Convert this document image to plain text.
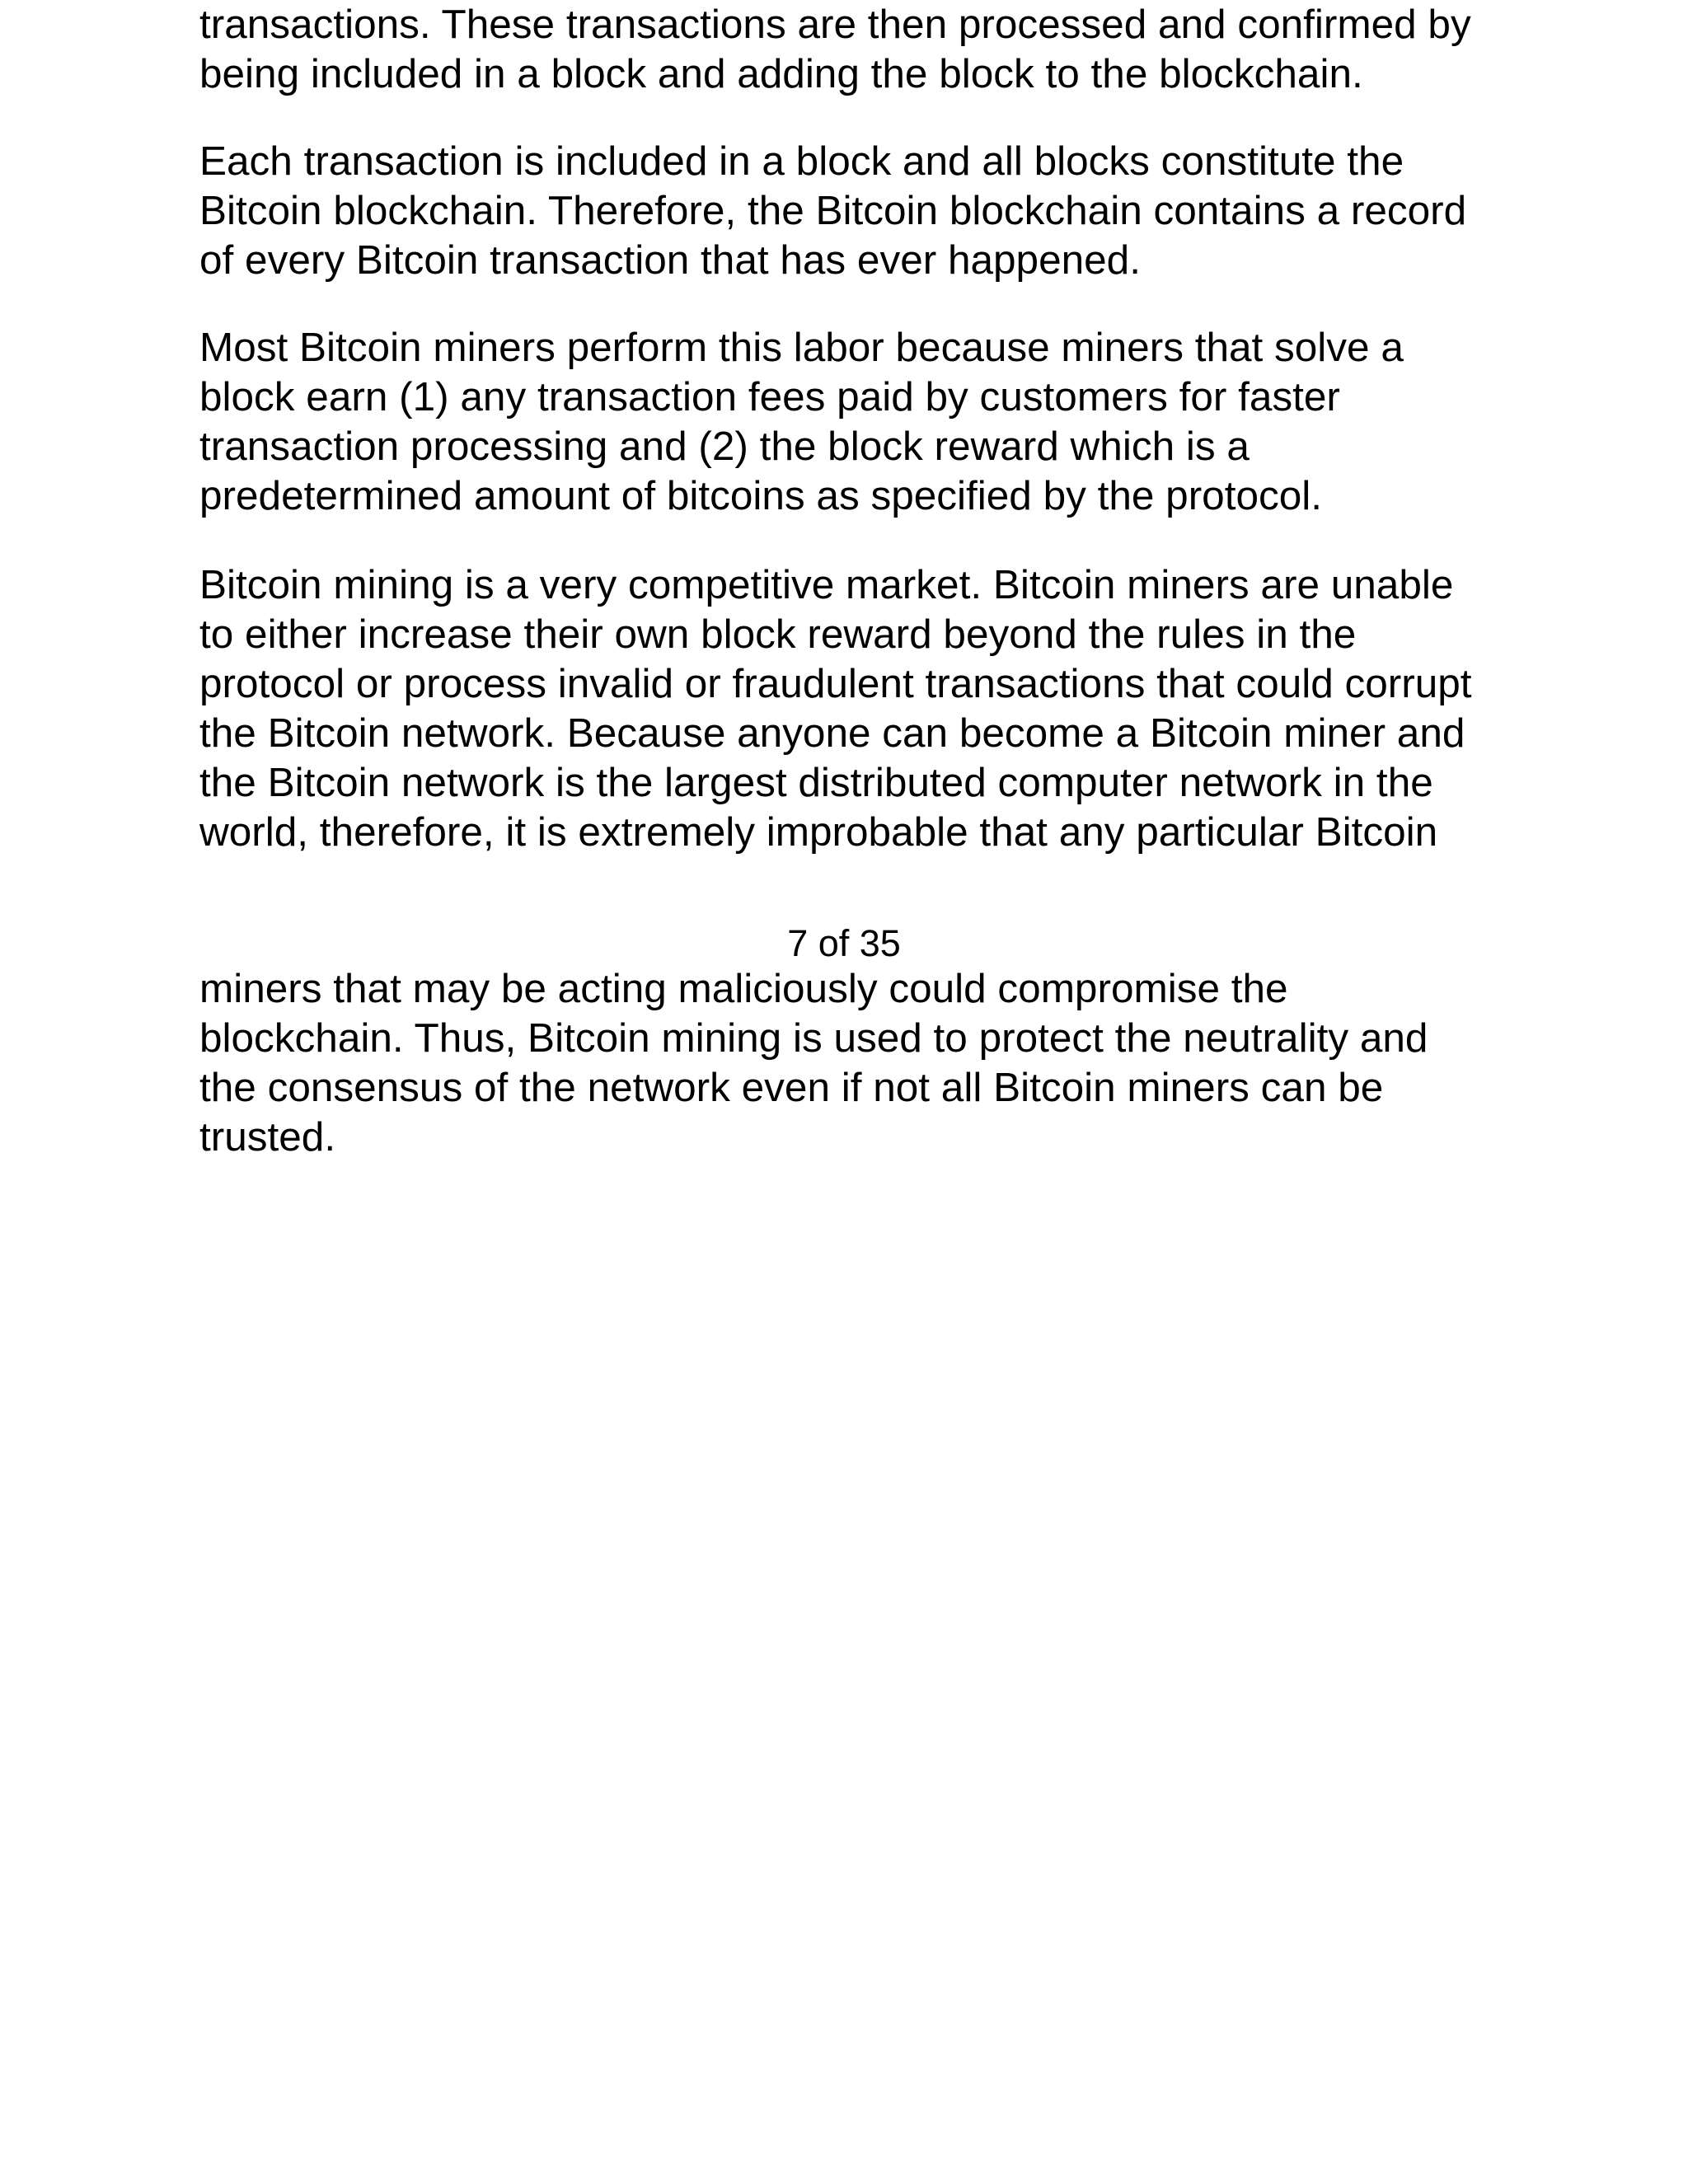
transactions. These transactions are then processed and confirmed by
being included in a block and adding the block to the blockchain.

Each transaction is included in a block and all blocks constitute the
Bitcoin blockchain. Therefore, the Bitcoin blockchain contains a record
of every Bitcoin transaction that has ever happened.

Most Bitcoin miners perform this labor because miners that solve a
block earn (1) any transaction fees paid by customers for faster
transaction processing and (2) the block reward which is a
predetermined amount of bitcoins as specified by the protocol.

Bitcoin mining is a very competitive market. Bitcoin miners are unable
to either increase their own block reward beyond the rules in the
protocol or process invalid or fraudulent transactions that could corrupt
the Bitcoin network. Because anyone can become a Bitcoin miner and
the Bitcoin network is the largest distributed computer network in the
world, therefore, it is extremely improbable that any particular Bitcoin

7 of 35

miners that may be acting maliciously could compromise the
blockchain. Thus, Bitcoin mining is used to protect the neutrality and
the consensus of the network even if not all Bitcoin miners can be
trusted.
